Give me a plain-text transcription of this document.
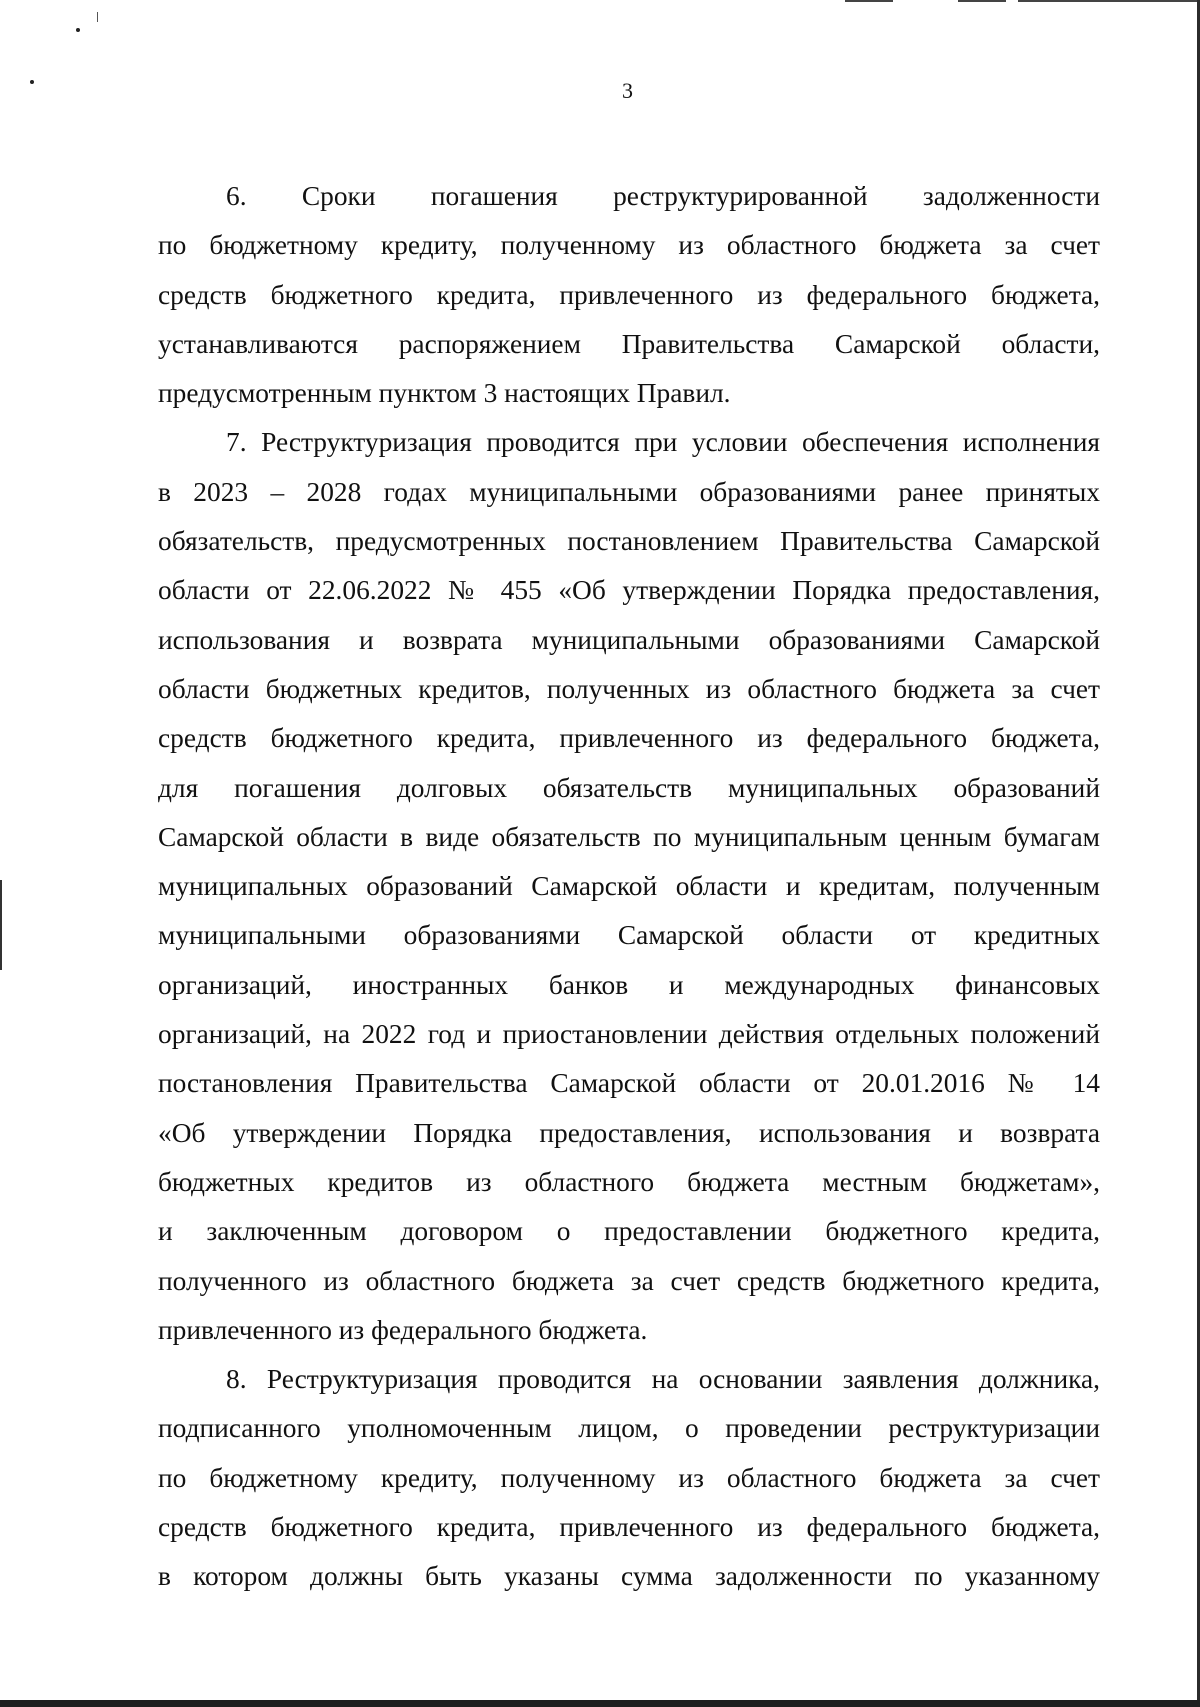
3
6. Сроки погашения реструктурированной задолженности
по бюджетному кредиту, полученному из областного бюджета за счет
средств бюджетного кредита, привлеченного из федерального бюджета,
устанавливаются распоряжением Правительства Самарской области,
предусмотренным пунктом 3 настоящих Правил.
7. Реструктуризация проводится при условии обеспечения исполнения
в 2023 – 2028 годах муниципальными образованиями ранее принятых
обязательств, предусмотренных постановлением Правительства Самарской
области от 22.06.2022 № 455 «Об утверждении Порядка предоставления,
использования и возврата муниципальными образованиями Самарской
области бюджетных кредитов, полученных из областного бюджета за счет
средств бюджетного кредита, привлеченного из федерального бюджета,
для погашения долговых обязательств муниципальных образований
Самарской области в виде обязательств по муниципальным ценным бумагам
муниципальных образований Самарской области и кредитам, полученным
муниципальными образованиями Самарской области от кредитных
организаций, иностранных банков и международных финансовых
организаций, на 2022 год и приостановлении действия отдельных положений
постановления Правительства Самарской области от 20.01.2016 № 14
«Об утверждении Порядка предоставления, использования и возврата
бюджетных кредитов из областного бюджета местным бюджетам»,
и заключенным договором о предоставлении бюджетного кредита,
полученного из областного бюджета за счет средств бюджетного кредита,
привлеченного из федерального бюджета.
8. Реструктуризация проводится на основании заявления должника,
подписанного уполномоченным лицом, о проведении реструктуризации
по бюджетному кредиту, полученному из областного бюджета за счет
средств бюджетного кредита, привлеченного из федерального бюджета,
в котором должны быть указаны сумма задолженности по указанному
